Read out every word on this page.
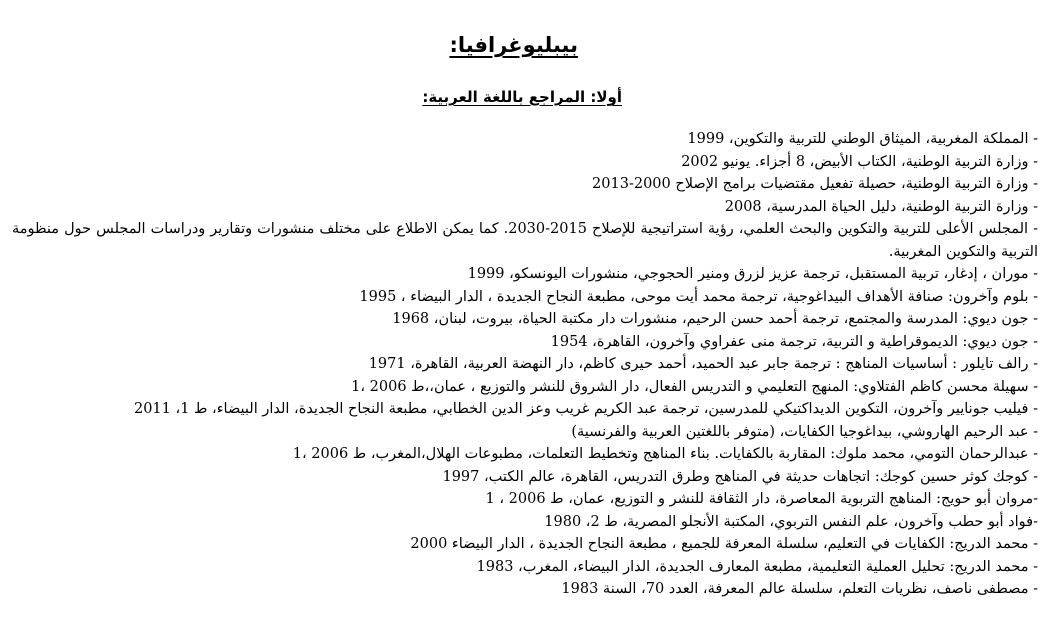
بيبليوغرافيا:
أولا: المراجع باللغة العربية:
- المملكة المغربية، الميثاق الوطني للتربية والتكوين، 1999
- وزارة التربية الوطنية، الكتاب الأبيض، 8 أجزاء. يونيو 2002
- وزارة التربية الوطنية، حصيلة تفعيل مقتضيات برامج الإصلاح 2000-2013
- وزارة التربية الوطنية، دليل الحياة المدرسية، 2008
- المجلس الأعلى للتربية والتكوين والبحث العلمي، رؤية استراتيجية للإصلاح 2015-2030. كما يمكن الاطلاع على مختلف منشورات وتقارير ودراسات المجلس حول منظومة التربية والتكوين المغربية.
- موران ، إدغار، تربية المستقبل، ترجمة عزيز لزرق ومنير الحجوجي، منشورات اليونسكو، 1999
- بلوم وآخرون: صنافة الأهداف البيداغوجية، ترجمة محمد أيت موحى، مطبعة النجاح الجديدة ، الدار البيضاء ، 1995
- جون ديوي: المدرسة والمجتمع، ترجمة أحمد حسن الرحيم، منشورات دار مكتبة الحياة، بيروت، لبنان، 1968
- جون ديوي: الديموقراطية و التربية، ترجمة منى عفراوي وآخرون، القاهرة، 1954
- رالف تايلور : أساسيات المناهج : ترجمة جابر عبد الحميد، أحمد حيرى كاظم، دار النهضة العربية، القاهرة، 1971
- سهيلة محسن كاظم الفتلاوي: المنهج التعليمي و التدريس الفعال، دار الشروق للنشر والتوزيع ، عمان،،ط 2006 ،1
- فيليب جونايير وآخرون، التكوين الديداكتيكي للمدرسين، ترجمة عبد الكريم غريب وعز الدين الخطابي، مطبعة النجاح الجديدة، الدار البيضاء، ط 1، 2011
- عبد الرحيم الهاروشي، بيداغوجيا الكفايات، (متوفر باللغتين العربية والفرنسية)
- عبدالرحمان التومي، محمد ملوك: المقاربة بالكفايات. بناء المناهج وتخطيط التعلمات، مطبوعات الهلال،المغرب، ط 2006 ،1
- كوجك كوثر حسين كوجك: اتجاهات حديثة في المناهج وطرق التدريس، القاهرة، عالم الكتب، 1997
-مروان أبو حويج: المناهج التربوية المعاصرة، دار الثقافة للنشر و التوزيع، عمان، ط 2006 ، 1
-فواد أبو حطب وآخرون، علم النفس التربوي، المكتبة الأنجلو المصرية، ط 2، 1980
- محمد الدريج: الكفايات في التعليم، سلسلة المعرفة للجميع ، مطبعة النجاح الجديدة ، الدار البيضاء 2000
- محمد الدريج: تحليل العملية التعليمية، مطبعة المعارف الجديدة، الدار البيضاء، المغرب، 1983
- مصطفى ناصف، نظريات التعلم، سلسلة عالم المعرفة، العدد 70، السنة 1983
